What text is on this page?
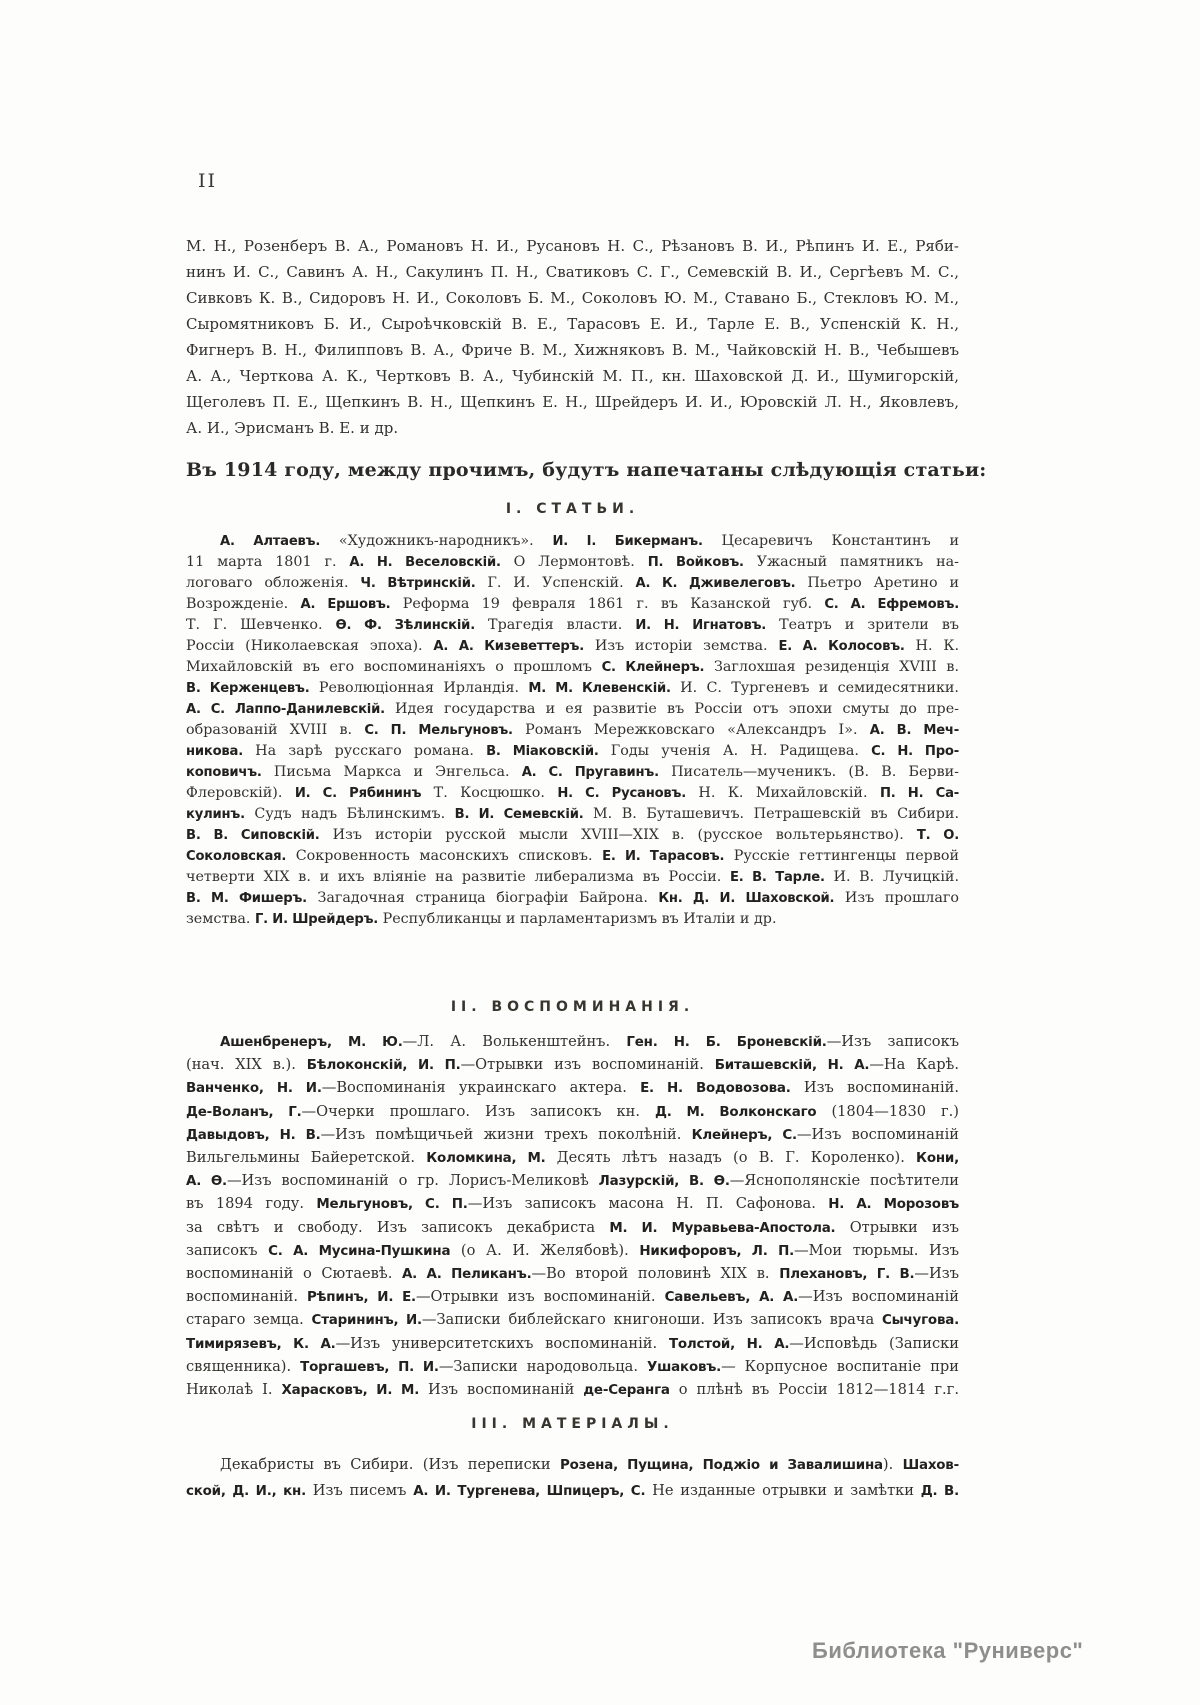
II
М. Н., Розенберъ В. А., Романовъ Н. И., Русановъ Н. С., Рѣзановъ В. И., Рѣпинъ И. Е., Ряби-
нинъ И. С., Савинъ А. Н., Сакулинъ П. Н., Сватиковъ С. Г., Семевскій В. И., Сергѣевъ М. С.,
Сивковъ К. В., Сидоровъ Н. И., Соколовъ Б. М., Соколовъ Ю. М., Ставано Б., Стекловъ Ю. М.,
Сыромятниковъ Б. И., Сыроѣчковскій В. Е., Тарасовъ Е. И., Тарле Е. В., Успенскій К. Н.,
Фигнеръ В. Н., Филипповъ В. А., Фриче В. М., Хижняковъ В. М., Чайковскій Н. В., Чебышевъ
А. А., Черткова А. К., Чертковъ В. А., Чубинскій М. П., кн. Шаховской Д. И., Шумигорскій,
Щеголевъ П. Е., Щепкинъ В. Н., Щепкинъ Е. Н., Шрейдеръ И. И., Юровскій Л. Н., Яковлевъ,
А. И., Эрисманъ В. Е. и др.
Въ 1914 году, между прочимъ, будутъ напечатаны слѣдующія статьи:
I. СТАТЬИ.
А. Алтаевъ. «Художникъ-народникъ». И. І. Бикерманъ. Цесаревичъ Константинъ и
11 марта 1801 г. А. Н. Веселовскій. О Лермонтовѣ. П. Войковъ. Ужасный памятникъ на-
логоваго обложенія. Ч. Вѣтринскій. Г. И. Успенскій. А. К. Дживелеговъ. Пьетро Аретино и
Возрожденіе. А. Ершовъ. Реформа 19 февраля 1861 г. въ Казанской губ. С. А. Ефремовъ.
Т. Г. Шевченко. Ѳ. Ф. Зѣлинскій. Трагедія власти. И. Н. Игнатовъ. Театръ и зрители въ
Россіи (Николаевская эпоха). А. А. Кизеветтеръ. Изъ исторіи земства. Е. А. Колосовъ. Н. К.
Михайловскій въ его воспоминаніяхъ о прошломъ С. Клейнеръ. Заглохшая резиденція XVIII в.
В. Керженцевъ. Революціонная Ирландія. М. М. Клевенскій. И. С. Тургеневъ и семидесятники.
А. С. Лаппо-Данилевскій. Идея государства и ея развитіе въ Россіи отъ эпохи смуты до пре-
образованій XVIII в. С. П. Мельгуновъ. Романъ Мережковскаго «Александръ I». А. В. Меч-
никова. На зарѣ русскаго романа. В. Міаковскій. Годы ученія А. Н. Радищева. С. Н. Про-
коповичъ. Письма Маркса и Энгельса. А. С. Пругавинъ. Писатель—мученикъ. (В. В. Берви-
Флеровскій). И. С. Рябининъ Т. Косцюшко. Н. С. Русановъ. Н. К. Михайловскій. П. Н. Са-
кулинъ. Судъ надъ Бѣлинскимъ. В. И. Семевскій. М. В. Буташевичъ. Петрашевскій въ Сибири.
В. В. Сиповскій. Изъ исторіи русской мысли XVIII—XIX в. (русское вольтерьянство). Т. О.
Соколовская. Сокровенность масонскихъ списковъ. Е. И. Тарасовъ. Русскіе геттингенцы первой
четверти XIX в. и ихъ вліяніе на развитіе либерализма въ Россіи. Е. В. Тарле. И. В. Лучицкій.
В. М. Фишеръ. Загадочная страница біографіи Байрона. Кн. Д. И. Шаховской. Изъ прошлаго
земства. Г. И. Шрейдеръ. Республиканцы и парламентаризмъ въ Италіи и др.
II. ВОСПОМИНАНІЯ.
Ашенбренеръ, М. Ю.—Л. А. Волькенштейнъ. Ген. Н. Б. Броневскій.—Изъ записокъ
(нач. XIX в.). Бѣлоконскій, И. П.—Отрывки изъ воспоминаній. Биташевскій, Н. А.—На Карѣ.
Ванченко, Н. И.—Воспоминанія украинскаго актера. Е. Н. Водовозова. Изъ воспоминаній.
Де-Воланъ, Г.—Очерки прошлаго. Изъ записокъ кн. Д. М. Волконскаго (1804—1830 г.)
Давыдовъ, Н. В.—Изъ помѣщичьей жизни трехъ поколѣній. Клейнеръ, С.—Изъ воспоминаній
Вильгельмины Байеретской. Коломкина, М. Десять лѣтъ назадъ (о В. Г. Короленко). Кони,
А. Ѳ.—Изъ воспоминаній о гр. Лорисъ-Меликовѣ Лазурскій, В. Ѳ.—Яснополянскіе посѣтители
въ 1894 году. Мельгуновъ, С. П.—Изъ записокъ масона Н. П. Сафонова. Н. А. Морозовъ
за свѣтъ и свободу. Изъ записокъ декабриста М. И. Муравьева-Апостола. Отрывки изъ
записокъ С. А. Мусина-Пушкина (о А. И. Желябовѣ). Никифоровъ, Л. П.—Мои тюрьмы. Изъ
воспоминаній о Сютаевѣ. А. А. Пеликанъ.—Во второй половинѣ XIX в. Плехановъ, Г. В.—Изъ
воспоминаній. Рѣпинъ, И. Е.—Отрывки изъ воспоминаній. Савельевъ, А. А.—Изъ воспоминаній
стараго земца. Старининъ, И.—Записки библейскаго книгоноши. Изъ записокъ врача Сычугова.
Тимирязевъ, К. А.—Изъ университетскихъ воспоминаній. Толстой, Н. А.—Исповѣдь (Записки
священника). Торгашевъ, П. И.—Записки народовольца. Ушаковъ.— Корпусное воспитаніе при
Николаѣ I. Харасковъ, И. М. Изъ воспоминаній де-Серанга о плѣнѣ въ Россіи 1812—1814 г.г.
III. МАТЕРІАЛЫ.
Декабристы въ Сибири. (Изъ переписки Розена, Пущина, Поджіо и Завалишина). Шахов-
ской, Д. И., кн. Изъ писемъ А. И. Тургенева, Шпицеръ, С. Не изданные отрывки и замѣтки Д. В.
Библиотека "Руниверс"
